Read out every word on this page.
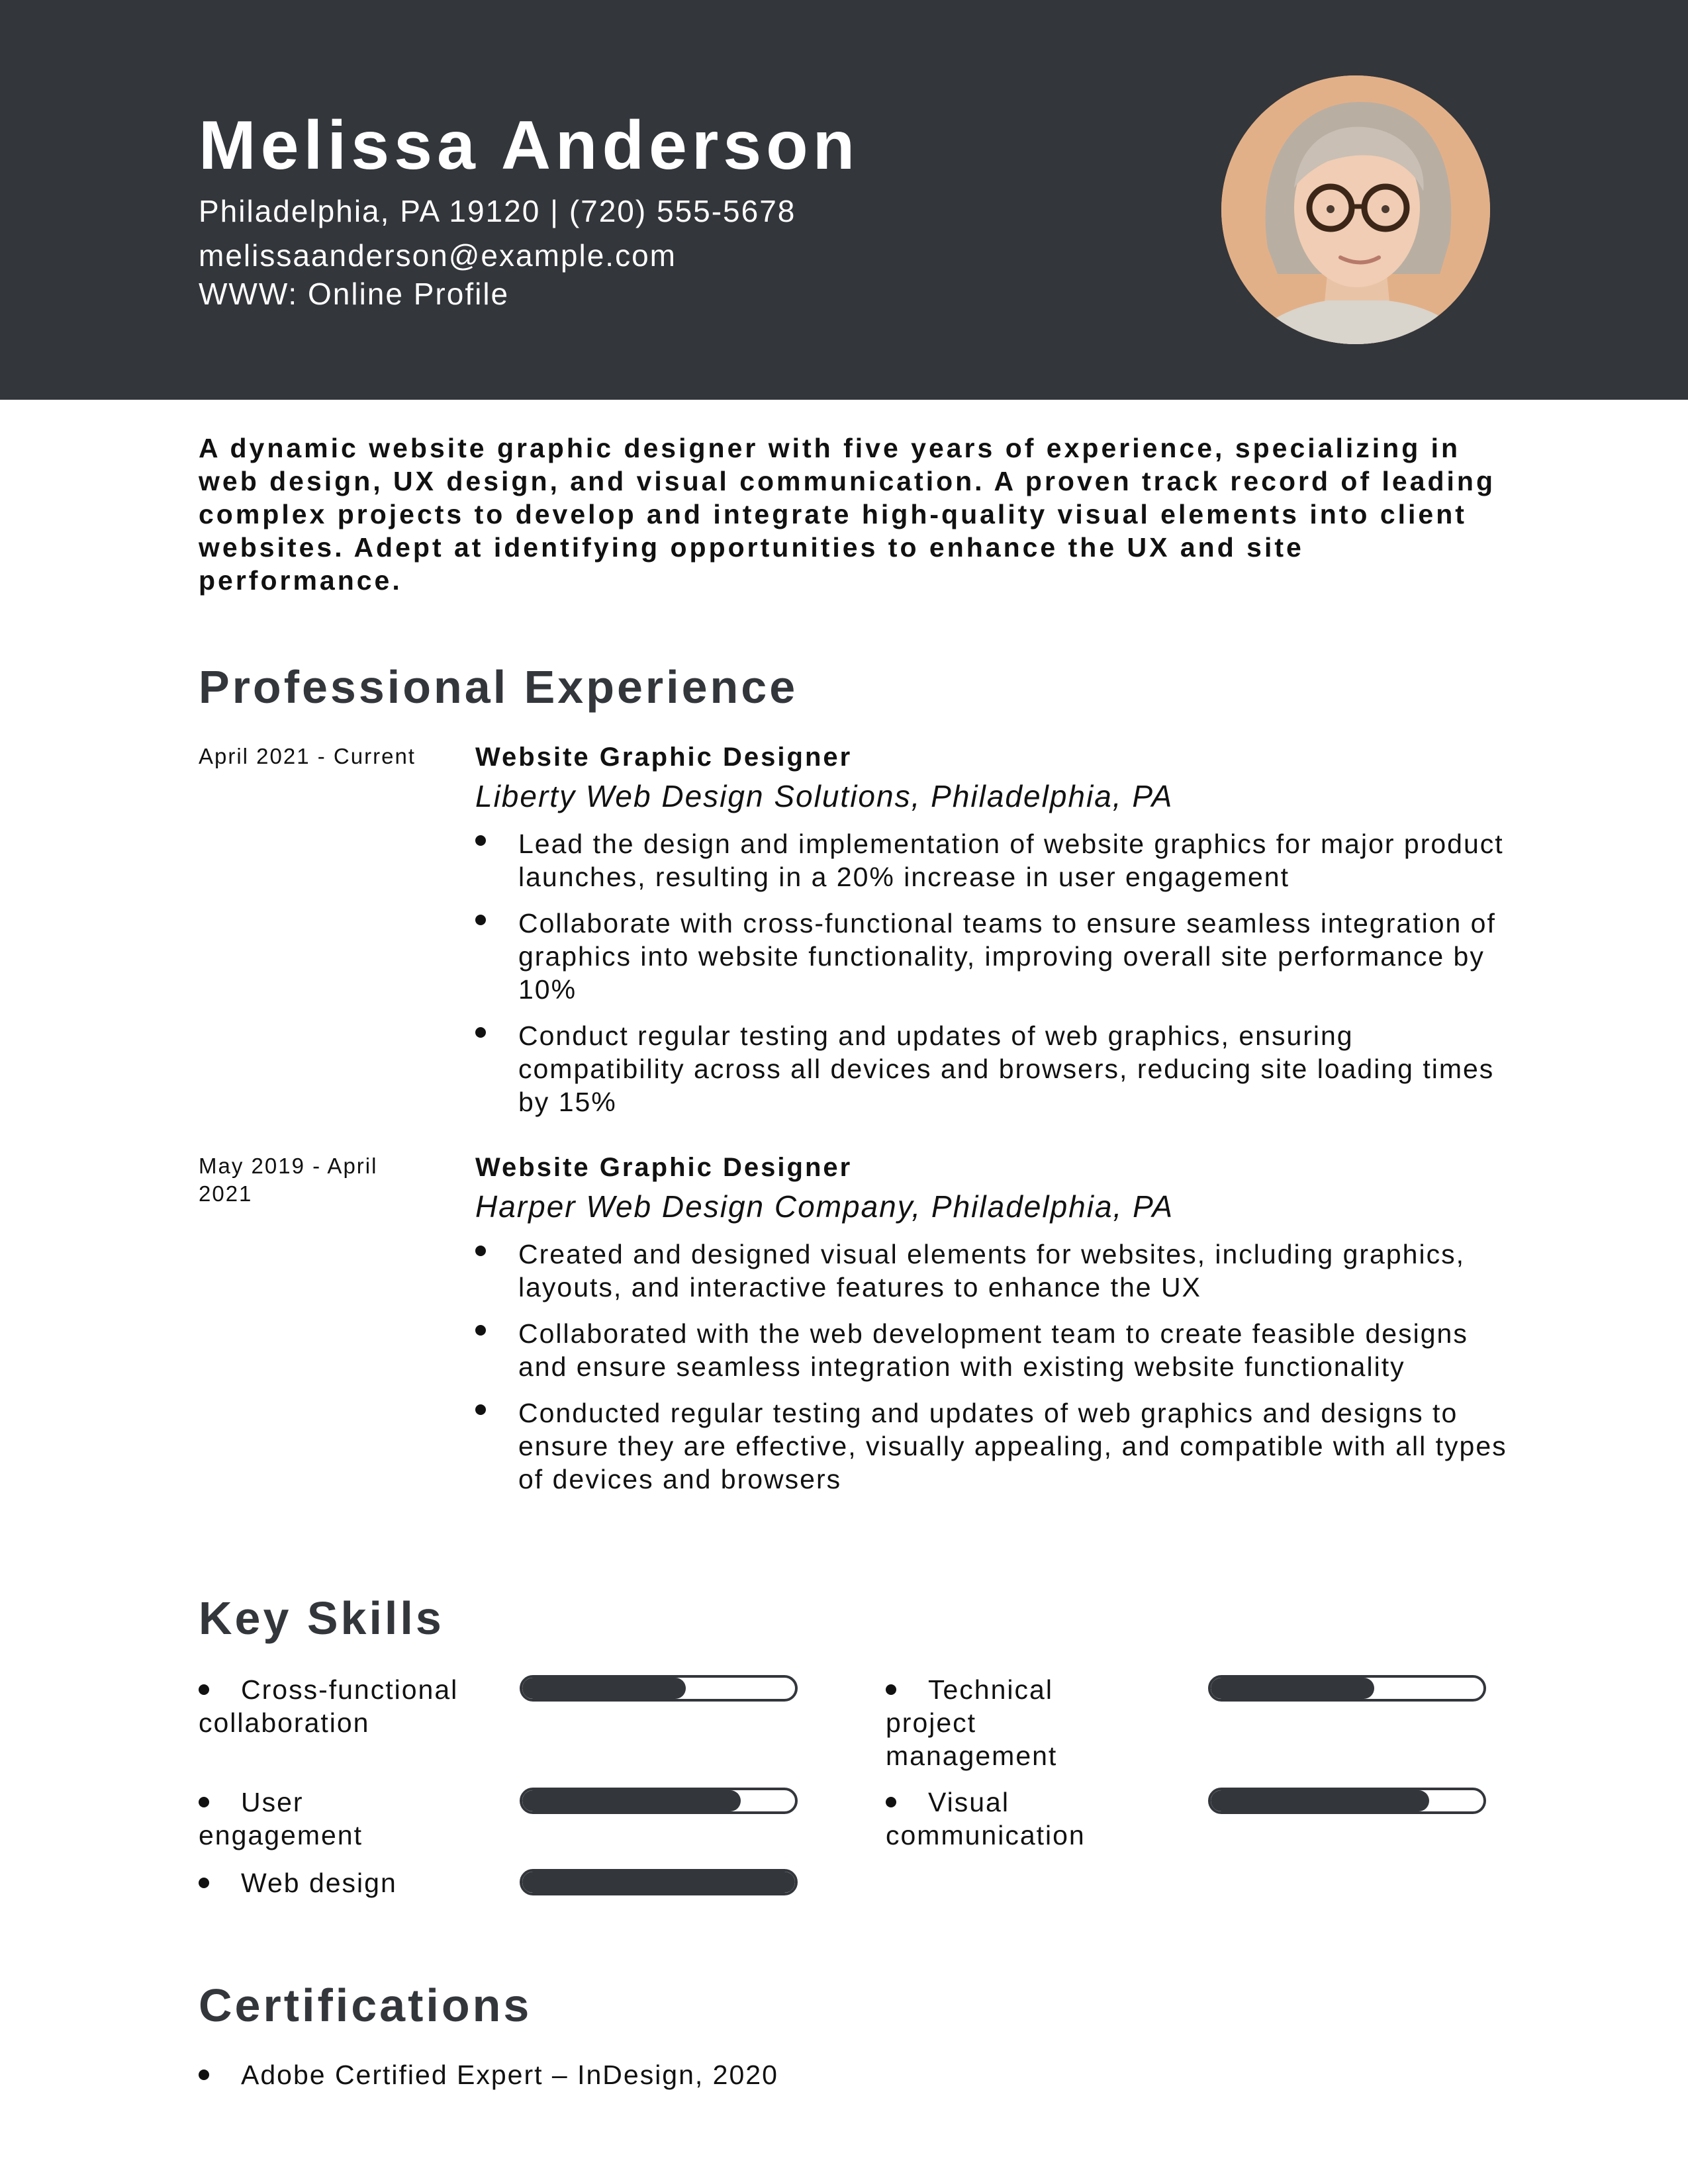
Melissa Anderson
Philadelphia, PA 19120 | (720) 555-5678
melissaanderson@example.com
WWW: Online Profile
A dynamic website graphic designer with five years of experience, specializing in web design, UX design, and visual communication. A proven track record of leading complex projects to develop and integrate high-quality visual elements into client websites. Adept at identifying opportunities to enhance the UX and site performance.
Professional Experience
April 2021 - Current	Website Graphic Designer
Liberty Web Design Solutions, Philadelphia, PA
Lead the design and implementation of website graphics for major product launches, resulting in a 20% increase in user engagement
Collaborate with cross-functional teams to ensure seamless integration of graphics into website functionality, improving overall site performance by 10%
Conduct regular testing and updates of web graphics, ensuring compatibility across all devices and browsers, reducing site loading times by 15%
May 2019 - April 2021
Website Graphic Designer
Harper Web Design Company, Philadelphia, PA
Created and designed visual elements for websites, including graphics, layouts, and interactive features to enhance the UX
Collaborated with the web development team to create feasible designs and ensure seamless integration with existing website functionality
Conducted regular testing and updates of web graphics and designs to ensure they are effective, visually appealing, and compatible with all types of devices and browsers
Key Skills
Cross-functional collaboration
Technical project management
User engagement
Visual communication
Web design
Certifications
Adobe Certified Expert – InDesign, 2020
